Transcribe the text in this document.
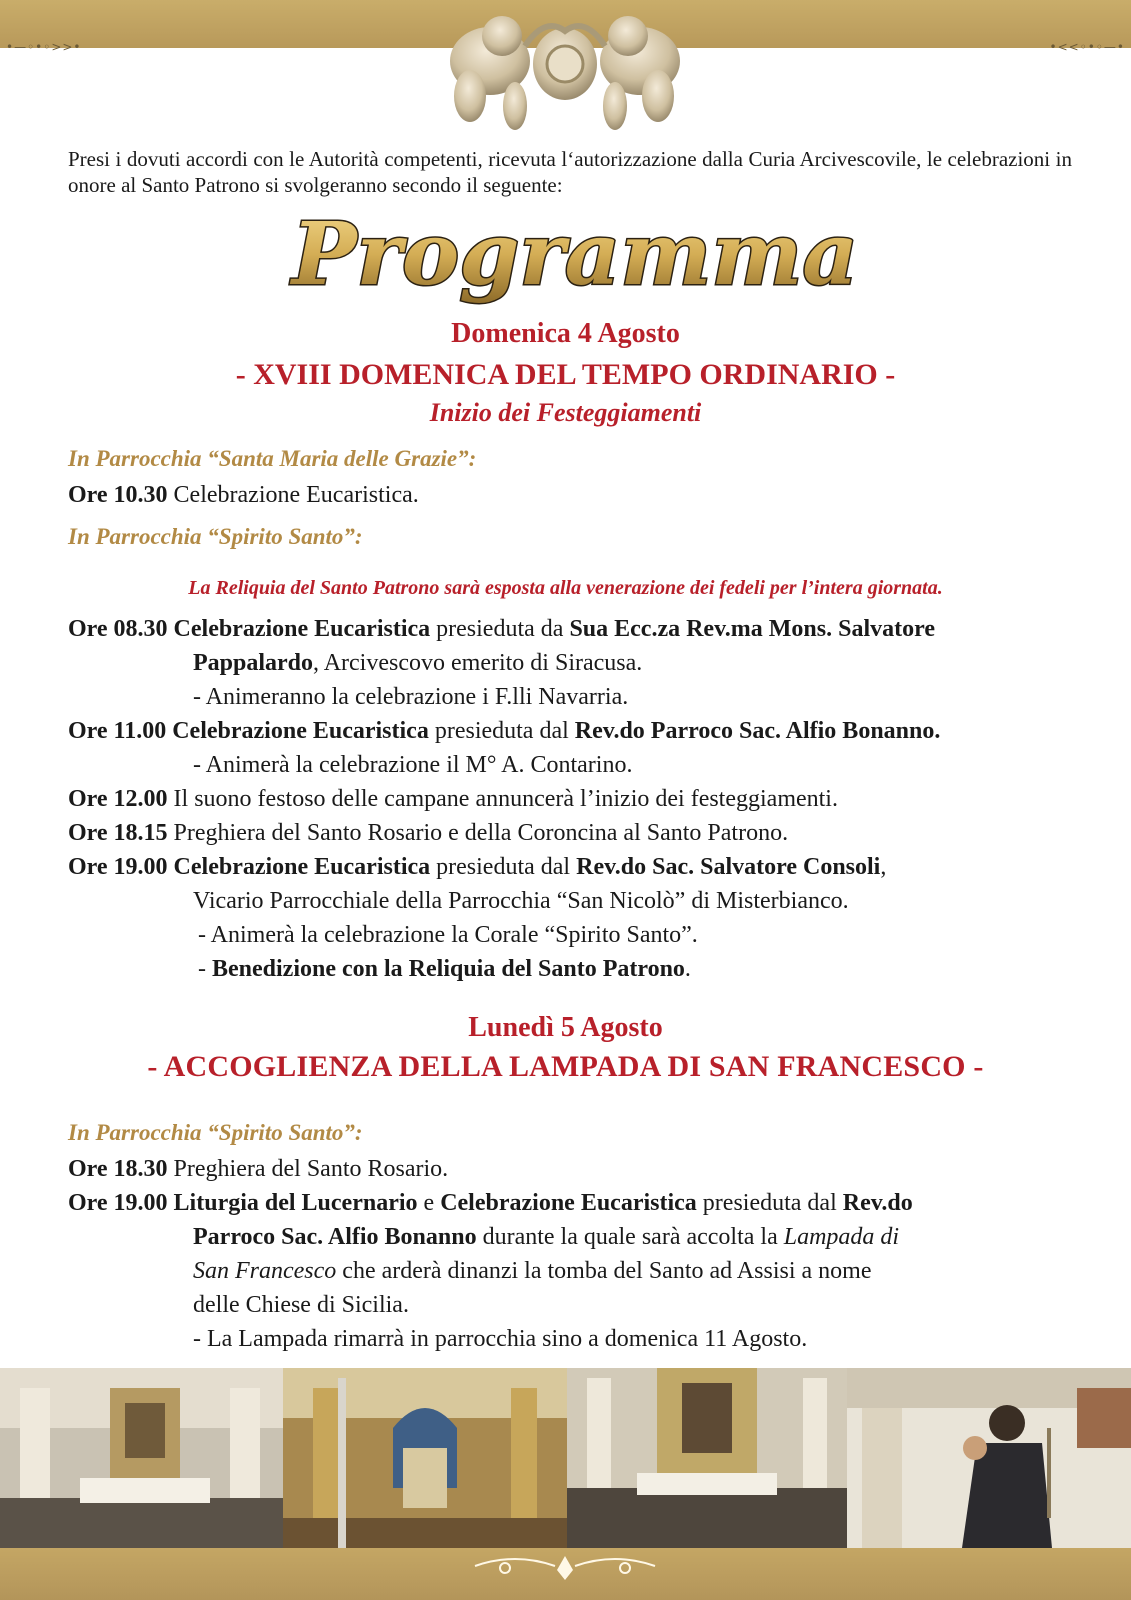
•—◦•◦>>•	•<<◦•◦—•
Presi i dovuti accordi con le Autorità competenti, ricevuta l‘autorizzazione dalla Curia Arcivescovile, le celebrazioni in onore al Santo Patrono si svolgeranno secondo il seguente:
Programma
Domenica 4 Agosto
- XVIII DOMENICA DEL TEMPO ORDINARIO -
Inizio dei Festeggiamenti
In Parrocchia “Santa Maria delle Grazie”:
Ore 10.30 Celebrazione Eucaristica.
In Parrocchia “Spirito Santo”:
La Reliquia del Santo Patrono sarà esposta alla venerazione dei fedeli per l’intera giornata.
Ore 08.30 Celebrazione Eucaristica presieduta da Sua Ecc.za Rev.ma Mons. Salvatore
Pappalardo, Arcivescovo emerito di Siracusa.
- Animeranno la celebrazione i F.lli Navarria.
Ore 11.00 Celebrazione Eucaristica presieduta dal Rev.do Parroco Sac. Alfio Bonanno.
- Animerà la celebrazione il M° A. Contarino.
Ore 12.00 Il suono festoso delle campane annuncerà l’inizio dei festeggiamenti.
Ore 18.15 Preghiera del Santo Rosario e della Coroncina al Santo Patrono.
Ore 19.00 Celebrazione Eucaristica presieduta dal Rev.do Sac. Salvatore Consoli,
Vicario Parrocchiale della Parrocchia “San Nicolò” di Misterbianco.
- Animerà la celebrazione la Corale “Spirito Santo”.
- Benedizione con la Reliquia del Santo Patrono.
Lunedì 5 Agosto
- ACCOGLIENZA DELLA LAMPADA DI SAN FRANCESCO -
In Parrocchia “Spirito Santo”:
Ore 18.30 Preghiera del Santo Rosario.
Ore 19.00 Liturgia del Lucernario e Celebrazione Eucaristica presieduta dal Rev.do
Parroco Sac. Alfio Bonanno durante la quale sarà accolta la Lampada di
San Francesco che arderà dinanzi la tomba del Santo ad Assisi a nome
delle Chiese di Sicilia.
- La Lampada rimarrà in parrocchia sino a domenica 11 Agosto.
